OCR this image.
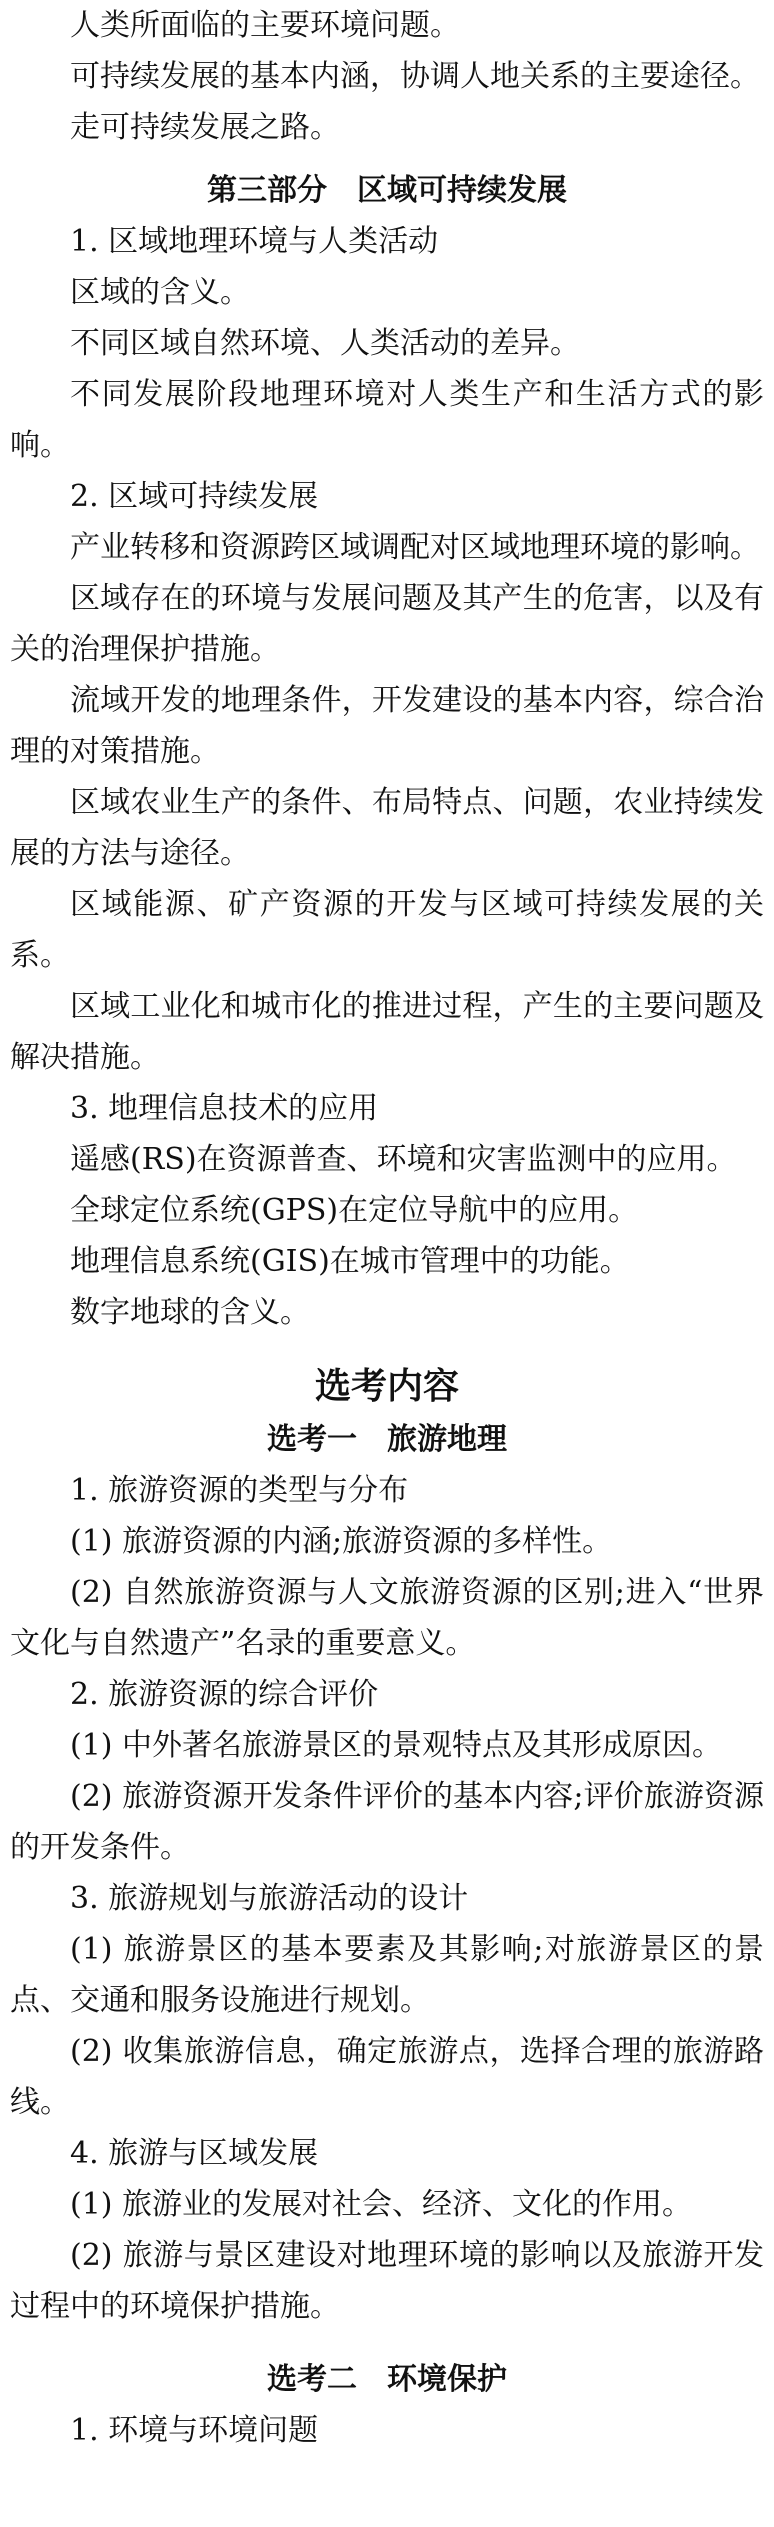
人类所面临的主要环境问题。

可持续发展的基本内涵，协调人地关系的主要途径。

走可持续发展之路。

第三部分　区域可持续发展

1. 区域地理环境与人类活动

区域的含义。

不同区域自然环境、人类活动的差异。

不同发展阶段地理环境对人类生产和生活方式的影响。

2. 区域可持续发展

产业转移和资源跨区域调配对区域地理环境的影响。

区域存在的环境与发展问题及其产生的危害，以及有关的治理保护措施。

流域开发的地理条件，开发建设的基本内容，综合治理的对策措施。

区域农业生产的条件、布局特点、问题，农业持续发展的方法与途径。

区域能源、矿产资源的开发与区域可持续发展的关系。

区域工业化和城市化的推进过程，产生的主要问题及解决措施。

3. 地理信息技术的应用

遥感(RS)在资源普查、环境和灾害监测中的应用。

全球定位系统(GPS)在定位导航中的应用。

地理信息系统(GIS)在城市管理中的功能。

数字地球的含义。

选考内容
选考一　旅游地理

1. 旅游资源的类型与分布

(1) 旅游资源的内涵;旅游资源的多样性。

(2) 自然旅游资源与人文旅游资源的区别;进入“世界文化与自然遗产”名录的重要意义。

2. 旅游资源的综合评价

(1) 中外著名旅游景区的景观特点及其形成原因。

(2) 旅游资源开发条件评价的基本内容;评价旅游资源的开发条件。

3. 旅游规划与旅游活动的设计

(1) 旅游景区的基本要素及其影响;对旅游景区的景点、交通和服务设施进行规划。

(2) 收集旅游信息，确定旅游点，选择合理的旅游路线。

4. 旅游与区域发展

(1) 旅游业的发展对社会、经济、文化的作用。

(2) 旅游与景区建设对地理环境的影响以及旅游开发过程中的环境保护措施。

选考二　环境保护

1. 环境与环境问题
